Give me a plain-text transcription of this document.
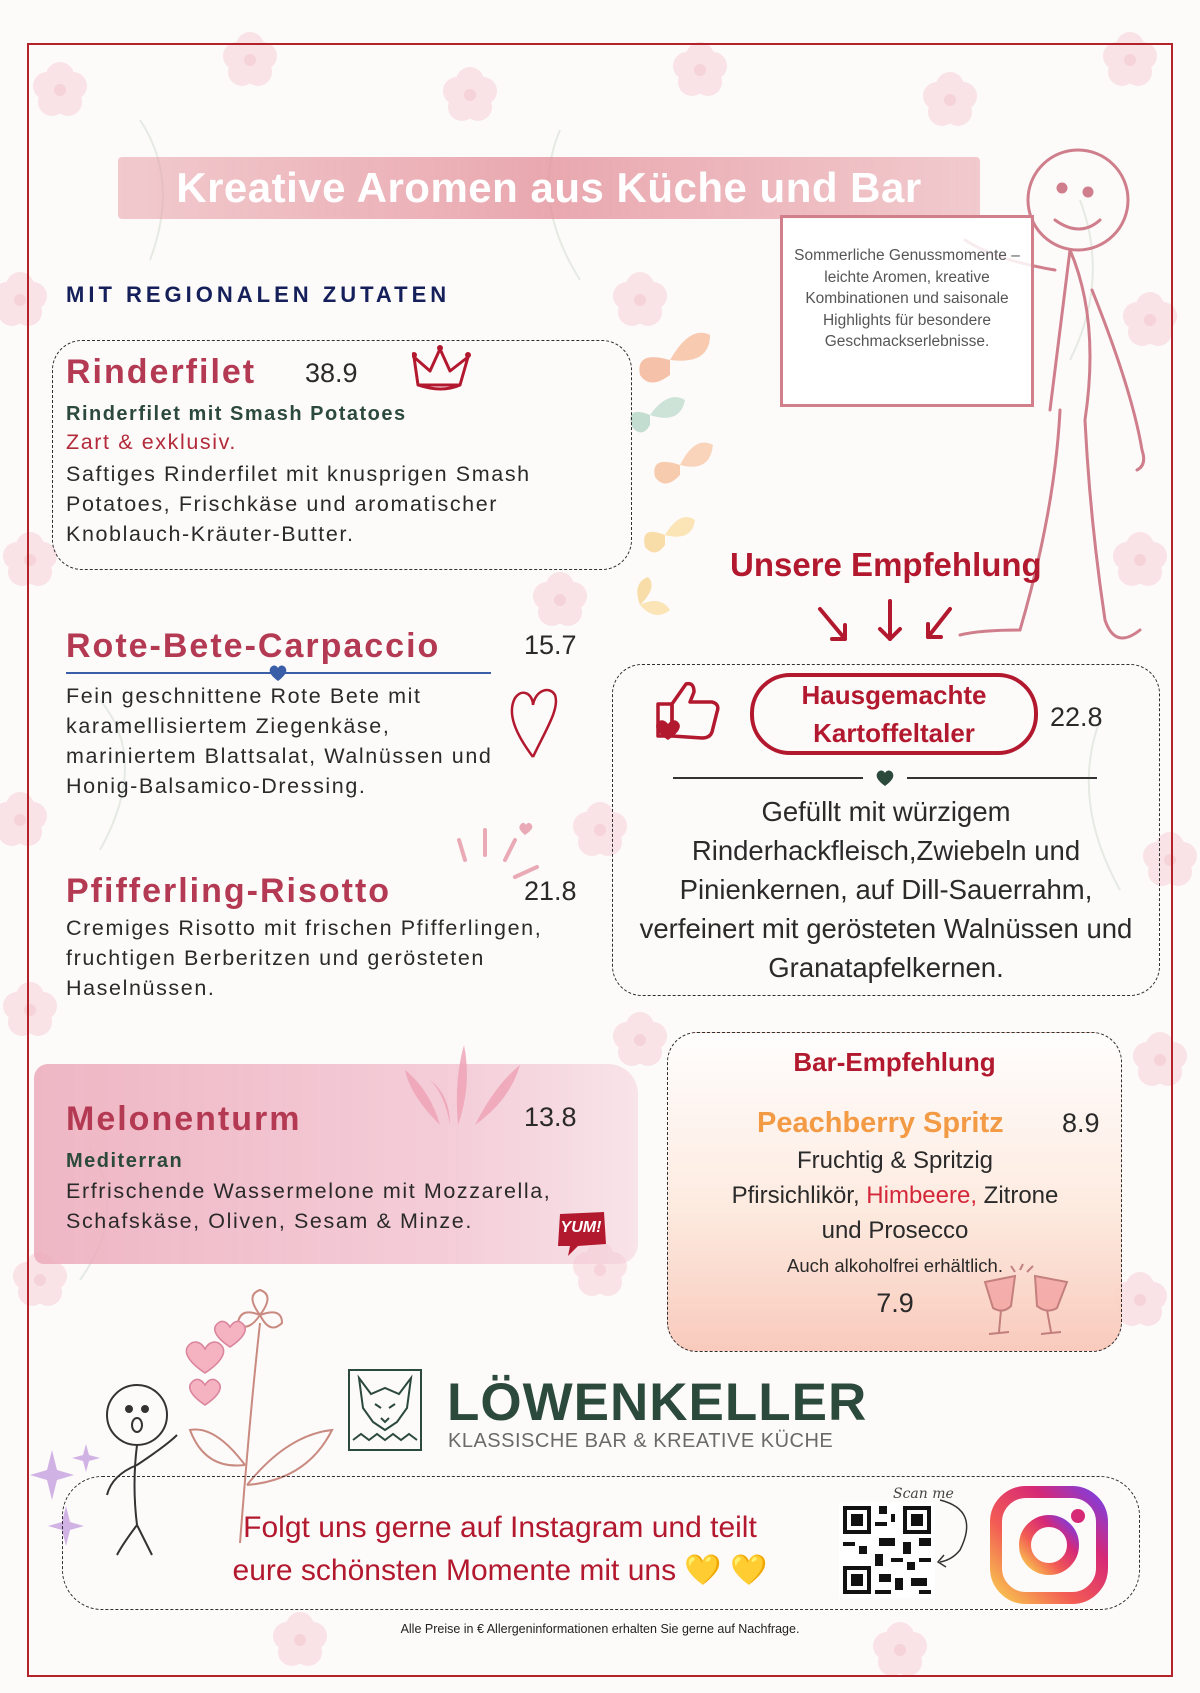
Kreative Aromen aus Küche und Bar
MIT REGIONALEN ZUTATEN
Sommerliche Genussmomente – leichte Aromen, kreative Kombinationen und saisonale Highlights für besondere Geschmackserlebnisse.
Rinderfilet 38.9
Rinderfilet mit Smash Potatoes
Zart & exklusiv.
Saftiges Rinderfilet mit knusprigen Smash Potatoes, Frischkäse und aromatischer Knoblauch-Kräuter-Butter.
Rote-Bete-Carpaccio	15.7
Fein geschnittene Rote Bete mit karamellisiertem Ziegenkäse, mariniertem Blattsalat, Walnüssen und Honig-Balsamico-Dressing.
Pfifferling-Risotto	21.8
Cremiges Risotto mit frischen Pfifferlingen, fruchtigen Berberitzen und gerösteten Haselnüssen.
Melonenturm	13.8
Mediterran
Erfrischende Wassermelone mit Mozzarella, Schafskäse, Oliven, Sesam & Minze.	YUM!
Unsere Empfehlung
Hausgemachte
Kartoffeltaler
22.8
Gefüllt mit würzigem Rinderhackfleisch,Zwiebeln und Pinienkernen, auf Dill-Sauerrahm, verfeinert mit gerösteten Walnüssen und Granatapfelkernen.
Bar-Empfehlung
Peachberry Spritz 8.9
Fruchtig & Spritzig
Pfirsichlikör, Himbeere, Zitrone
und Prosecco
Auch alkoholfrei erhältlich.
7.9
LÖWENKELLER
KLASSISCHE BAR & KREATIVE KÜCHE
Folgt uns gerne auf Instagram und teilt
eure schönsten Momente mit uns 💛 💛
Scan me
Alle Preise in € Allergeninformationen erhalten Sie gerne auf Nachfrage.
